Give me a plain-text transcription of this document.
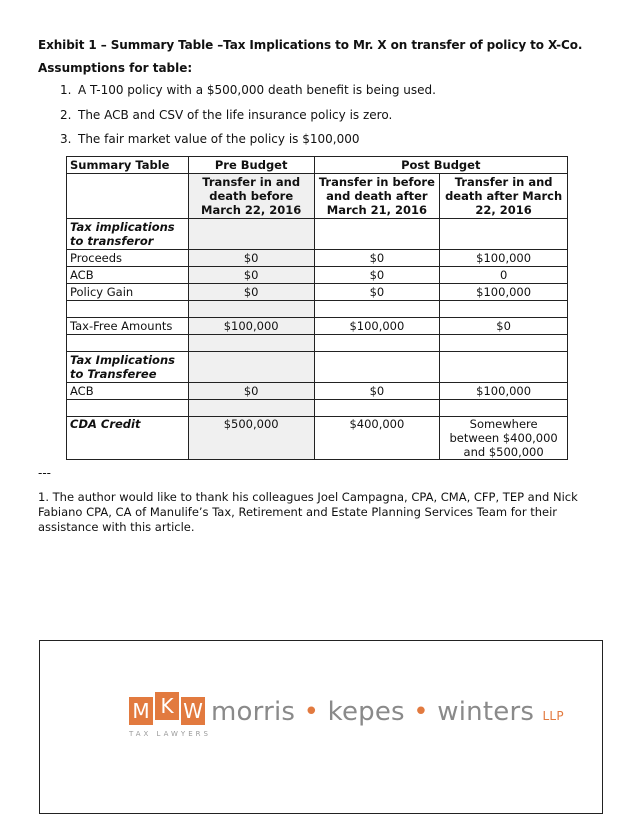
Exhibit 1 – Summary Table –Tax Implications to Mr. X on transfer of policy to X-Co.
Assumptions for table:
1. A T-100 policy with a $500,000 death benefit is being used.
2. The ACB and CSV of the life insurance policy is zero.
3. The fair market value of the policy is $100,000
Summary Table	Pre Budget	Post Budget	
	Transfer in and death before March 22, 2016	Transfer in before and death after March 21, 2016	Transfer in and death after March 22, 2016
Tax implications to transferor			
Proceeds	$0	$0	$100,000
ACB	$0	$0	0
Policy Gain	$0	$0	$100,000

Tax-Free Amounts	$100,000	$100,000	$0

Tax Implications to Transferee			
ACB	$0	$0	$100,000

CDA Credit	$500,000	$400,000	Somewhere between $400,000 and $500,000
---
1. The author would like to thank his colleagues Joel Campagna, CPA, CMA, CFP, TEP and Nick Fabiano CPA, CA of Manulife’s Tax, Retirement and Estate Planning Services Team for their assistance with this article.
M K W morris • kepes • winters LLP
TAX LAWYERS
